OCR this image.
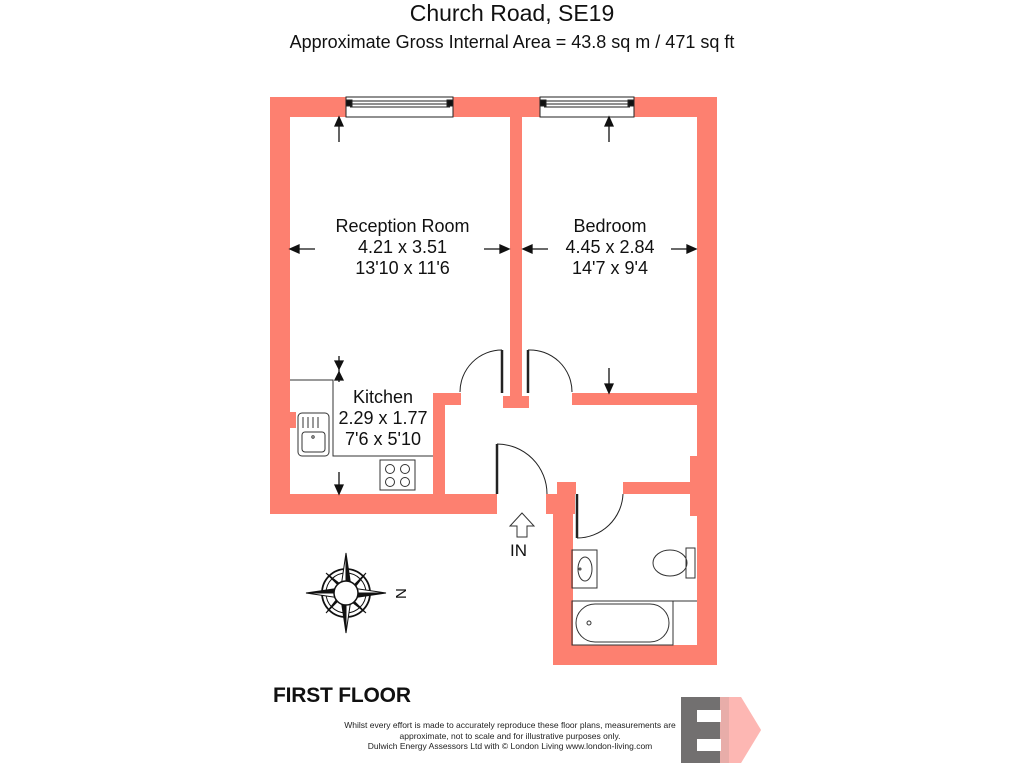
Church Road, SE19
Approximate Gross Internal Area = 43.8 sq m / 471 sq ft
Reception Room
4.21 x 3.51
13'10 x 11'6
Bedroom
4.45 x 2.84
14'7 x 9'4
Kitchen
2.29 x 1.77
7'6 x 5'10
IN
N
FIRST FLOOR
Whilst every effort is made to accurately reproduce these floor plans, measurements are
approximate, not to scale and for illustrative purposes only.
Dulwich Energy Assessors Ltd with © London Living www.london-living.com
